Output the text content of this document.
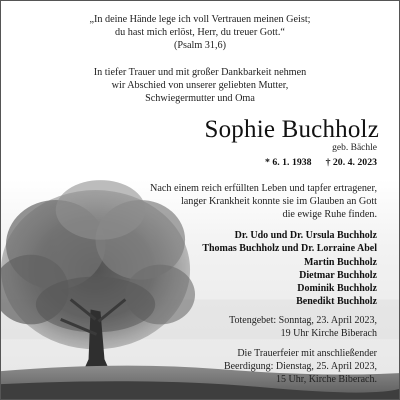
„In deine Hände lege ich voll Vertrauen meinen Geist;
du hast mich erlöst, Herr, du treuer Gott.“
(Psalm 31,6)
In tiefer Trauer und mit großer Dankbarkeit nehmen
wir Abschied von unserer geliebten Mutter,
Schwiegermutter und Oma
Sophie Buchholz
geb. Bächle
* 6. 1. 1938 † 20. 4. 2023
Nach einem reich erfüllten Leben und tapfer ertragener,
langer Krankheit konnte sie im Glauben an Gott
die ewige Ruhe finden.
Dr. Udo und Dr. Ursula Buchholz
Thomas Buchholz und Dr. Lorraine Abel
Martin Buchholz
Dietmar Buchholz
Dominik Buchholz
Benedikt Buchholz
Totengebet: Sonntag, 23. April 2023,
19 Uhr Kirche Biberach
Die Trauerfeier mit anschließender
Beerdigung: Dienstag, 25. April 2023,
15 Uhr, Kirche Biberach.
